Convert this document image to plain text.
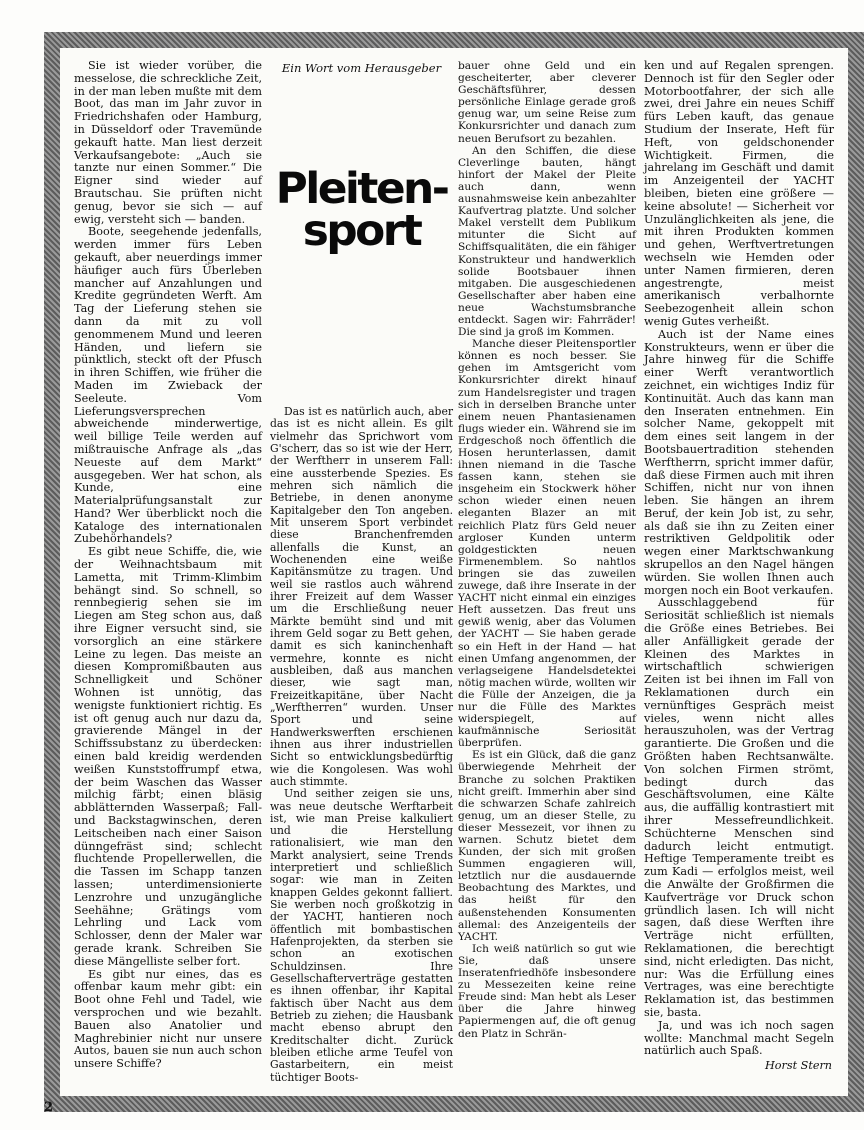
Sie ist wieder vorüber, die messelose, die schreckliche Zeit, in der man leben mußte mit dem Boot, das man im Jahr zuvor in Friedrichshafen oder Hamburg, in Düsseldorf oder Travemünde gekauft hatte. Man liest derzeit Verkaufsangebote: „Auch sie tanzte nur einen Sommer.“ Die Eigner sind wieder auf Brautschau. Sie prüften nicht genug, bevor sie sich — auf ewig, versteht sich — banden.

Boote, seegehende jedenfalls, werden immer fürs Leben gekauft, aber neuerdings immer häufiger auch fürs Überleben mancher auf Anzahlungen und Kredite gegründeten Werft. Am Tag der Lieferung stehen sie dann da mit zu voll genommenem Mund und leeren Händen, und liefern sie pünktlich, steckt oft der Pfusch in ihren Schiffen, wie früher die Maden im Zwieback der Seeleute. Vom Lieferungsversprechen abweichende minderwertige, weil billige Teile werden auf mißtrauische Anfrage als „das Neueste auf dem Markt“ ausgegeben. Wer hat schon, als Kunde, eine Materialprüfungsanstalt zur Hand? Wer überblickt noch die Kataloge des internationalen Zubehörhandels?

Es gibt neue Schiffe, die, wie der Weihnachtsbaum mit Lametta, mit Trimm-Klimbim behängt sind. So schnell, so rennbegierig sehen sie im Liegen am Steg schon aus, daß ihre Eigner versucht sind, sie vorsorglich an eine stärkere Leine zu legen. Das meiste an diesen Kompromißbauten aus Schnelligkeit und Schöner Wohnen ist unnötig, das wenigste funktioniert richtig. Es ist oft genug auch nur dazu da, gravierende Mängel in der Schiffssubstanz zu überdecken: einen bald kreidig werdenden weißen Kunststoffrumpf etwa, der beim Waschen das Wasser milchig färbt; einen bläsig abblätternden Wasserpaß; Fall- und Backstagwinschen, deren Leitscheiben nach einer Saison dünngefräst sind; schlecht fluchtende Propellerwellen, die die Tassen im Schapp tanzen lassen; unterdimensionierte Lenzrohre und unzugängliche Seehähne; Grätings vom Lehrling und Lack vom Schlosser, denn der Maler war gerade krank. Schreiben Sie diese Mängelliste selber fort.

Es gibt nur eines, das es offenbar kaum mehr gibt: ein Boot ohne Fehl und Tadel, wie versprochen und wie bezahlt. Bauen also Anatolier und Maghrebinier nicht nur unsere Autos, bauen sie nun auch schon unsere Schiffe?

Ein Wort vom Herausgeber
Pleiten-
sport

Das ist es natürlich auch, aber das ist es nicht allein. Es gilt vielmehr das Sprichwort vom G'scherr, das so ist wie der Herr, der Werftherr in unserem Fall: eine aussterbende Spezies. Es mehren sich nämlich die Betriebe, in denen anonyme Kapitalgeber den Ton angeben. Mit unserem Sport verbindet diese Branchenfremden allenfalls die Kunst, an Wochenenden eine weiße Kapitänsmütze zu tragen. Und weil sie rastlos auch während ihrer Freizeit auf dem Wasser um die Erschließung neuer Märkte bemüht sind und mit ihrem Geld sogar zu Bett gehen, damit es sich kaninchenhaft vermehre, konnte es nicht ausbleiben, daß aus manchen dieser, wie sagt man, Freizeitkapitäne, über Nacht „Werftherren“ wurden. Unser Sport und seine Handwerkswerften erschienen ihnen aus ihrer industriellen Sicht so entwicklungsbedürftig wie die Kongolesen. Was wohl auch stimmte.

Und seither zeigen sie uns, was neue deutsche Werftarbeit ist, wie man Preise kalkuliert und die Herstellung rationalisiert, wie man den Markt analysiert, seine Trends interpretiert und schließlich sogar: wie man in Zeiten knappen Geldes gekonnt falliert. Sie werben noch großkotzig in der YACHT, hantieren noch öffentlich mit bombastischen Hafenprojekten, da sterben sie schon an exotischen Schuldzinsen. Ihre Gesellschafterverträge gestatten es ihnen offenbar, ihr Kapital faktisch über Nacht aus dem Betrieb zu ziehen; die Hausbank macht ebenso abrupt den Kreditschalter dicht. Zurück bleiben etliche arme Teufel von Gastarbeitern, ein meist tüchtiger Boots-

bauer ohne Geld und ein gescheiterter, aber cleverer Geschäftsführer, dessen persönliche Einlage gerade groß genug war, um seine Reise zum Konkursrichter und danach zum neuen Berufsort zu bezahlen.

An den Schiffen, die diese Cleverlinge bauten, hängt hinfort der Makel der Pleite auch dann, wenn ausnahmsweise kein anbezahlter Kaufvertrag platzte. Und solcher Makel verstellt dem Publikum mitunter die Sicht auf Schiffsqualitäten, die ein fähiger Konstrukteur und handwerklich solide Bootsbauer ihnen mitgaben. Die ausgeschiedenen Gesellschafter aber haben eine neue Wachstumsbranche entdeckt. Sagen wir: Fahrräder! Die sind ja groß im Kommen.

Manche dieser Pleitensportler können es noch besser. Sie gehen im Amtsgericht vom Konkursrichter direkt hinauf zum Handelsregister und tragen sich in derselben Branche unter einem neuen Phantasienamen flugs wieder ein. Während sie im Erdgeschoß noch öffentlich die Hosen herunterlassen, damit ihnen niemand in die Tasche fassen kann, stehen sie insgeheim ein Stockwerk höher schon wieder einen neuen eleganten Blazer an mit reichlich Platz fürs Geld neuer argloser Kunden unterm goldgestickten neuen Firmenemblem. So nahtlos bringen sie das zuweilen zuwege, daß ihre Inserate in der YACHT nicht einmal ein einziges Heft aussetzen. Das freut uns gewiß wenig, aber das Volumen der YACHT — Sie haben gerade so ein Heft in der Hand — hat einen Umfang angenommen, der verlagseigene Handelsdetektei nötig machen würde, wollten wir die Fülle der Anzeigen, die ja nur die Fülle des Marktes widerspiegelt, auf kaufmännische Seriosität überprüfen.

Es ist ein Glück, daß die ganz überwiegende Mehrheit der Branche zu solchen Praktiken nicht greift. Immerhin aber sind die schwarzen Schafe zahlreich genug, um an dieser Stelle, zu dieser Messezeit, vor ihnen zu warnen. Schutz bietet dem Kunden, der sich mit großen Summen engagieren will, letztlich nur die ausdauernde Beobachtung des Marktes, und das heißt für den außenstehenden Konsumenten allemal: des Anzeigenteils der YACHT.

Ich weiß natürlich so gut wie Sie, daß unsere Inseratenfriedhöfe insbesondere zu Messezeiten keine reine Freude sind: Man hebt als Leser über die Jahre hinweg Papiermengen auf, die oft genug den Platz in Schrän-

ken und auf Regalen sprengen. Dennoch ist für den Segler oder Motorbootfahrer, der sich alle zwei, drei Jahre ein neues Schiff fürs Leben kauft, das genaue Studium der Inserate, Heft für Heft, von geldschonender Wichtigkeit. Firmen, die jahrelang im Geschäft und damit im Anzeigenteil der YACHT bleiben, bieten eine größere — keine absolute! — Sicherheit vor Unzulänglichkeiten als jene, die mit ihren Produkten kommen und gehen, Werftvertretungen wechseln wie Hemden oder unter Namen firmieren, deren angestrengte, meist amerikanisch verbalhornte Seebezogenheit allein schon wenig Gutes verheißt.

Auch ist der Name eines Konstrukteurs, wenn er über die Jahre hinweg für die Schiffe einer Werft verantwortlich zeichnet, ein wichtiges Indiz für Kontinuität. Auch das kann man den Inseraten entnehmen. Ein solcher Name, gekoppelt mit dem eines seit langem in der Bootsbauertradition stehenden Werftherrn, spricht immer dafür, daß diese Firmen auch mit ihren Schiffen, nicht nur von ihnen leben. Sie hängen an ihrem Beruf, der kein Job ist, zu sehr, als daß sie ihn zu Zeiten einer restriktiven Geldpolitik oder wegen einer Marktschwankung skrupellos an den Nagel hängen würden. Sie wollen Ihnen auch morgen noch ein Boot verkaufen.

Ausschlaggebend für Seriosität schließlich ist niemals die Größe eines Betriebes. Bei aller Anfälligkeit gerade der Kleinen des Marktes in wirtschaftlich schwierigen Zeiten ist bei ihnen im Fall von Reklamationen durch ein vernünftiges Gespräch meist vieles, wenn nicht alles herauszuholen, was der Vertrag garantierte. Die Großen und die Größten haben Rechtsanwälte. Von solchen Firmen strömt, bedingt durch das Geschäftsvolumen, eine Kälte aus, die auffällig kontrastiert mit ihrer Messefreundlichkeit. Schüchterne Menschen sind dadurch leicht entmutigt. Heftige Temperamente treibt es zum Kadi — erfolglos meist, weil die Anwälte der Großfirmen die Kaufverträge vor Druck schon gründlich lasen. Ich will nicht sagen, daß diese Werften ihre Verträge nicht erfüllten, Reklamationen, die berechtigt sind, nicht erledigten. Das nicht, nur: Was die Erfüllung eines Vertrages, was eine berechtigte Reklamation ist, das bestimmen sie, basta.

Ja, und was ich noch sagen wollte: Manchmal macht Segeln natürlich auch Spaß.

Horst Stern
2
